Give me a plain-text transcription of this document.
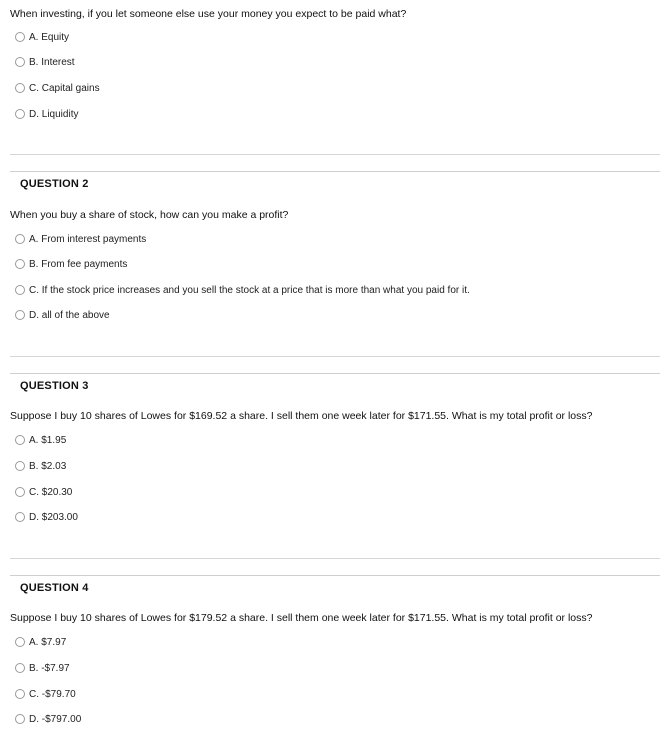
When investing, if you let someone else use your money you expect to be paid what?
A. Equity
B. Interest
C. Capital gains
D. Liquidity
QUESTION 2
When you buy a share of stock, how can you make a profit?
A. From interest payments
B. From fee payments
C. If the stock price increases and you sell the stock at a price that is more than what you paid for it.
D. all of the above
QUESTION 3
Suppose I buy 10 shares of Lowes for $169.52 a share. I sell them one week later for $171.55. What is my total profit or loss?
A. $1.95
B. $2.03
C. $20.30
D. $203.00
QUESTION 4
Suppose I buy 10 shares of Lowes for $179.52 a share. I sell them one week later for $171.55. What is my total profit or loss?
A. $7.97
B. -$7.97
C. -$79.70
D. -$797.00
